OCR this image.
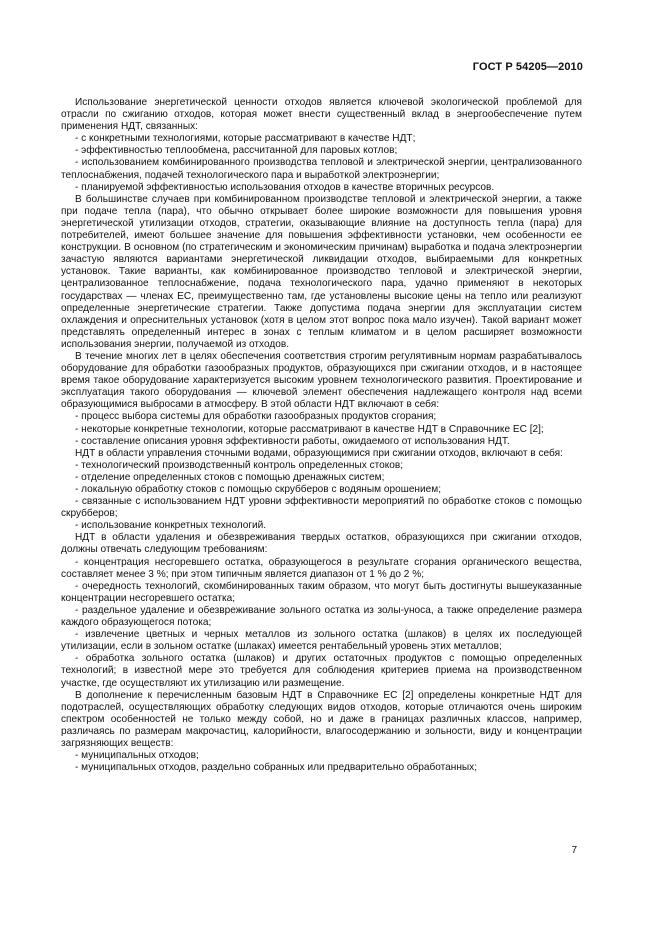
ГОСТ Р 54205—2010

Использование энергетической ценности отходов является ключевой экологической проблемой для отрасли по сжиганию отходов, которая может внести существенный вклад в энергообеспечение путем применения НДТ, связанных:

- с конкретными технологиями, которые рассматривают в качестве НДТ;

- эффективностью теплообмена, рассчитанной для паровых котлов;

- использованием комбинированного производства тепловой и электрической энергии, централизованного теплоснабжения, подачей технологического пара и выработкой электроэнергии;

- планируемой эффективностью использования отходов в качестве вторичных ресурсов.

В большинстве случаев при комбинированном производстве тепловой и электрической энергии, а также при подаче тепла (пара), что обычно открывает более широкие возможности для повышения уровня энергетической утилизации отходов, стратегии, оказывающие влияние на доступность тепла (пара) для потребителей, имеют большее значение для повышения эффективности установки, чем особенности ее конструкции. В основном (по стратегическим и экономическим причинам) выработка и подача электроэнергии зачастую являются вариантами энергетической ликвидации отходов, выбираемыми для конкретных установок. Такие варианты, как комбинированное производство тепловой и электрической энергии, централизованное теплоснабжение, подача технологического пара, удачно применяют в некоторых государствах — членах ЕС, преимущественно там, где установлены высокие цены на тепло или реализуют определенные энергетические стратегии. Также допустима подача энергии для эксплуатации систем охлаждения и опреснительных установок (хотя в целом этот вопрос пока мало изучен). Такой вариант может представлять определенный интерес в зонах с теплым климатом и в целом расширяет возможности использования энергии, получаемой из отходов.

В течение многих лет в целях обеспечения соответствия строгим регулятивным нормам разрабатывалось оборудование для обработки газообразных продуктов, образующихся при сжигании отходов, и в настоящее время такое оборудование характеризуется высоким уровнем технологического развития. Проектирование и эксплуатация такого оборудования — ключевой элемент обеспечения надлежащего контроля над всеми образующимися выбросами в атмосферу. В этой области НДТ включают в себя:

- процесс выбора системы для обработки газообразных продуктов сгорания;

- некоторые конкретные технологии, которые рассматривают в качестве НДТ в Справочнике ЕС [2];

- составление описания уровня эффективности работы, ожидаемого от использования НДТ.

НДТ в области управления сточными водами, образующимися при сжигании отходов, включают в себя:

- технологический производственный контроль определенных стоков;

- отделение определенных стоков с помощью дренажных систем;

- локальную обработку стоков с помощью скрубберов с водяным орошением;

- связанные с использованием НДТ уровни эффективности мероприятий по обработке стоков с помощью скрубберов;

- использование конкретных технологий.

НДТ в области удаления и обезвреживания твердых остатков, образующихся при сжигании отходов, должны отвечать следующим требованиям:

- концентрация несгоревшего остатка, образующегося в результате сгорания органического вещества, составляет менее 3 %; при этом типичным является диапазон от 1 % до 2 %;

- очередность технологий, скомбинированных таким образом, что могут быть достигнуты вышеуказанные концентрации несгоревшего остатка;

- раздельное удаление и обезвреживание зольного остатка из золы-уноса, а также определение размера каждого образующегося потока;

- извлечение цветных и черных металлов из зольного остатка (шлаков) в целях их последующей утилизации, если в зольном остатке (шлаках) имеется рентабельный уровень этих металлов;

- обработка зольного остатка (шлаков) и других остаточных продуктов с помощью определенных технологий; в известной мере это требуется для соблюдения критериев приема на производственном участке, где осуществляют их утилизацию или размещение.

В дополнение к перечисленным базовым НДТ в Справочнике ЕС [2] определены конкретные НДТ для подотраслей, осуществляющих обработку следующих видов отходов, которые отличаются очень широким спектром особенностей не только между собой, но и даже в границах различных классов, например, различаясь по размерам макрочастиц, калорийности, влагосодержанию и зольности, виду и концентрации загрязняющих веществ:

- муниципальных отходов;

- муниципальных отходов, раздельно собранных или предварительно обработанных;

7
